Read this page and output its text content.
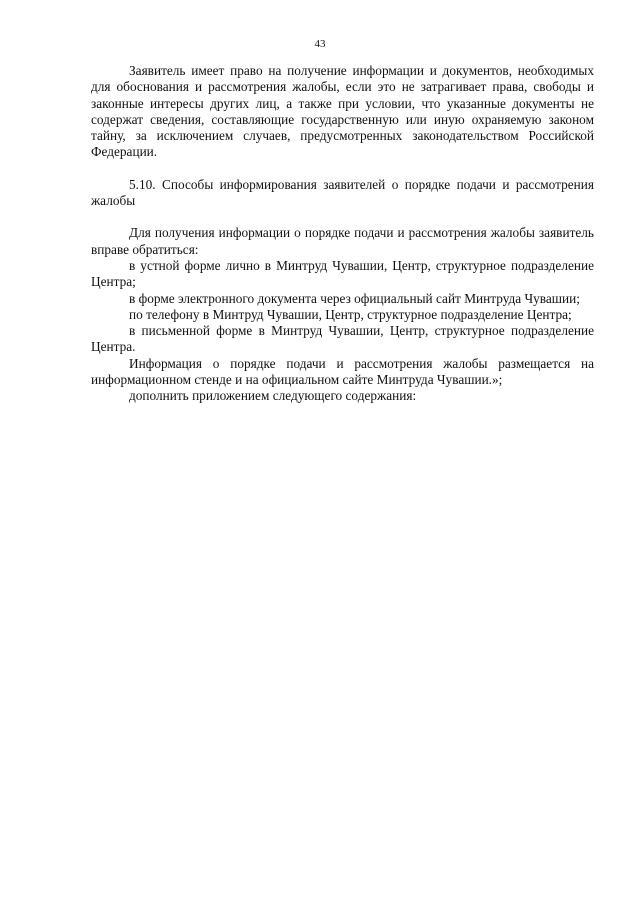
43

Заявитель имеет право на получение информации и документов, необходимых для обоснования и рассмотрения жалобы, если это не затрагивает права, свободы и законные интересы других лиц, а также при условии, что указанные документы не содержат сведения, составляющие государственную или иную охраняемую законом тайну, за исключением случаев, предусмотренных законодательством Российской Федерации.

5.10. Способы информирования заявителей о порядке подачи и рассмотрения жалобы

Для получения информации о порядке подачи и рассмотрения жалобы заявитель вправе обратиться:

в устной форме лично в Минтруд Чувашии, Центр, структурное подразделение Центра;

в форме электронного документа через официальный сайт Минтруда Чувашии;

по телефону в Минтруд Чувашии, Центр, структурное подразделение Центра;

в письменной форме в Минтруд Чувашии, Центр, структурное подразделение Центра.

Информация о порядке подачи и рассмотрения жалобы размещается на информационном стенде и на официальном сайте Минтруда Чувашии.»;

дополнить приложением следующего содержания:
